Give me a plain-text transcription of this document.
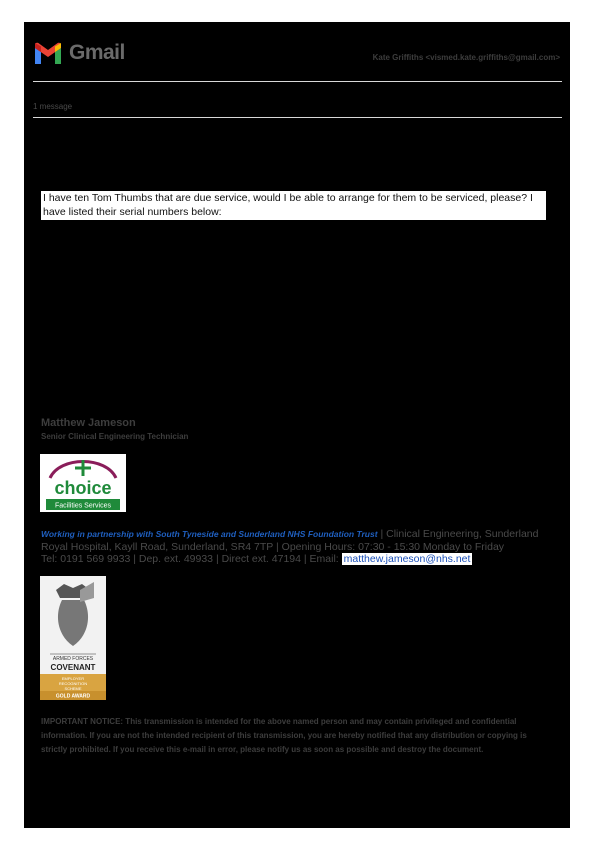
Gmail	Kate Griffiths <vismed.kate.griffiths@gmail.com>
1 message
I have ten Tom Thumbs that are due service, would I be able to arrange for them to be serviced, please? I have listed their serial numbers below:
Matthew Jameson
Senior Clinical Engineering Technician
choice
Facilities Services
Working in partnership with South Tyneside and Sunderland NHS Foundation Trust | Clinical Engineering, Sunderland Royal Hospital, Kayll Road, Sunderland, SR4 7TP | Opening Hours: 07:30 - 15:30 Monday to Friday
Tel: 0191 569 9933 | Dep. ext. 49933 | Direct ext. 47194 | Email: matthew.jameson@nhs.net
ARMED FORCES
COVENANT
EMPLOYER
RECOGNITION
SCHEME
GOLD AWARD
IMPORTANT NOTICE: This transmission is intended for the above named person and may contain privileged and confidential information. If you are not the intended recipient of this transmission, you are hereby notified that any distribution or copying is strictly prohibited. If you receive this e-mail in error, please notify us as soon as possible and destroy the document.
